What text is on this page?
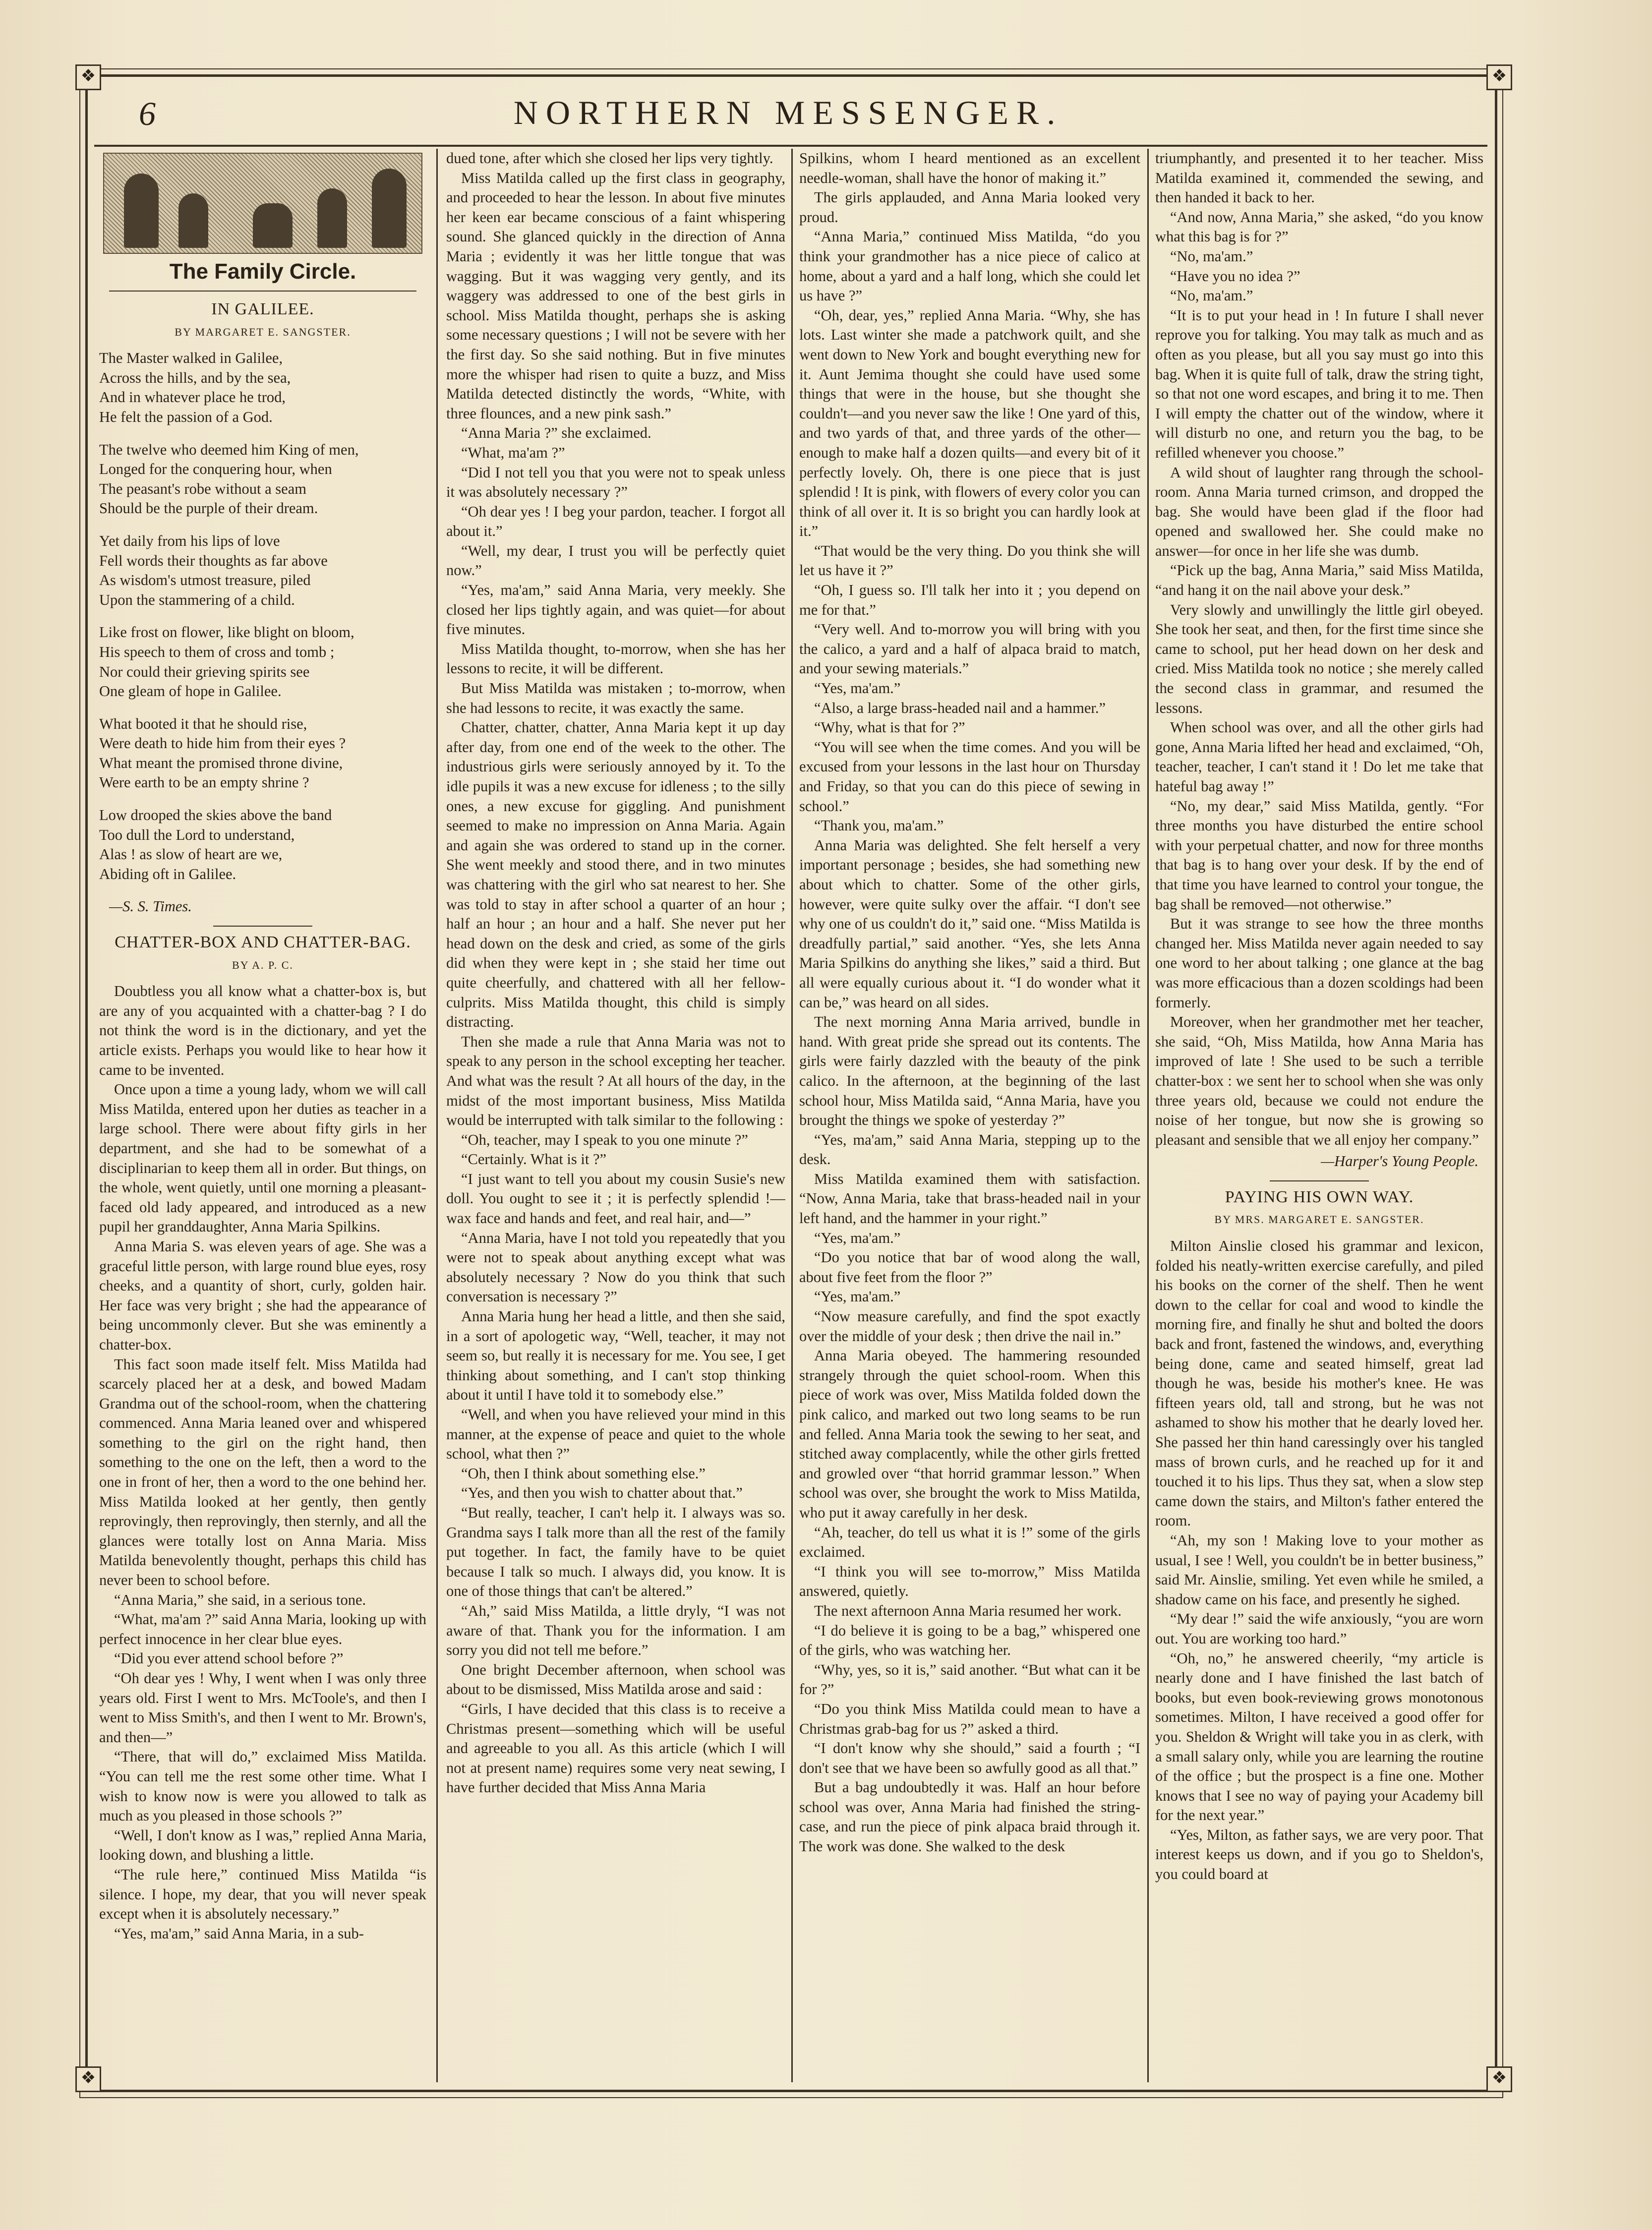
❖	❖
❖	❖
6	NORTHERN MESSENGER.
The Family Circle.
IN GALILEE.
BY MARGARET E. SANGSTER.
The Master walked in Galilee,
Across the hills, and by the sea,
And in whatever place he trod,
He felt the passion of a God.
The twelve who deemed him King of men,
Longed for the conquering hour, when
The peasant's robe without a seam
Should be the purple of their dream.
Yet daily from his lips of love
Fell words their thoughts as far above
As wisdom's utmost treasure, piled
Upon the stammering of a child.
Like frost on flower, like blight on bloom,
His speech to them of cross and tomb ;
Nor could their grieving spirits see
One gleam of hope in Galilee.
What booted it that he should rise,
Were death to hide him from their eyes ?
What meant the promised throne divine,
Were earth to be an empty shrine ?
Low drooped the skies above the band
Too dull the Lord to understand,
Alas ! as slow of heart are we,
Abiding oft in Galilee.
—S. S. Times.
CHATTER-BOX AND CHATTER-BAG.
BY A. P. C.

Doubtless you all know what a chatter-box is, but are any of you acquainted with a chatter-bag ? I do not think the word is in the dictionary, and yet the article exists. Perhaps you would like to hear how it came to be invented.

Once upon a time a young lady, whom we will call Miss Matilda, entered upon her duties as teacher in a large school. There were about fifty girls in her department, and she had to be somewhat of a disciplinarian to keep them all in order. But things, on the whole, went quietly, until one morning a pleasant-faced old lady appeared, and introduced as a new pupil her granddaughter, Anna Maria Spilkins.

Anna Maria S. was eleven years of age. She was a graceful little person, with large round blue eyes, rosy cheeks, and a quantity of short, curly, golden hair. Her face was very bright ; she had the appearance of being uncommonly clever. But she was eminently a chatter-box.

This fact soon made itself felt. Miss Matilda had scarcely placed her at a desk, and bowed Madam Grandma out of the school-room, when the chattering commenced. Anna Maria leaned over and whispered something to the girl on the right hand, then something to the one on the left, then a word to the one in front of her, then a word to the one behind her. Miss Matilda looked at her gently, then gently reprovingly, then reprovingly, then sternly, and all the glances were totally lost on Anna Maria. Miss Matilda benevolently thought, perhaps this child has never been to school before.

“Anna Maria,” she said, in a serious tone.

“What, ma'am ?” said Anna Maria, looking up with perfect innocence in her clear blue eyes.

“Did you ever attend school before ?”

“Oh dear yes ! Why, I went when I was only three years old. First I went to Mrs. McToole's, and then I went to Miss Smith's, and then I went to Mr. Brown's, and then—”

“There, that will do,” exclaimed Miss Matilda. “You can tell me the rest some other time. What I wish to know now is were you allowed to talk as much as you pleased in those schools ?”

“Well, I don't know as I was,” replied Anna Maria, looking down, and blushing a little.

“The rule here,” continued Miss Matilda “is silence. I hope, my dear, that you will never speak except when it is absolutely necessary.”

“Yes, ma'am,” said Anna Maria, in a sub-

dued tone, after which she closed her lips very tightly.

Miss Matilda called up the first class in geography, and proceeded to hear the lesson. In about five minutes her keen ear became conscious of a faint whispering sound. She glanced quickly in the direction of Anna Maria ; evidently it was her little tongue that was wagging. But it was wagging very gently, and its waggery was addressed to one of the best girls in school. Miss Matilda thought, perhaps she is asking some necessary questions ; I will not be severe with her the first day. So she said nothing. But in five minutes more the whisper had risen to quite a buzz, and Miss Matilda detected distinctly the words, “White, with three flounces, and a new pink sash.”

“Anna Maria ?” she exclaimed.

“What, ma'am ?”

“Did I not tell you that you were not to speak unless it was absolutely necessary ?”

“Oh dear yes ! I beg your pardon, teacher. I forgot all about it.”

“Well, my dear, I trust you will be perfectly quiet now.”

“Yes, ma'am,” said Anna Maria, very meekly. She closed her lips tightly again, and was quiet—for about five minutes.

Miss Matilda thought, to-morrow, when she has her lessons to recite, it will be different.

But Miss Matilda was mistaken ; to-morrow, when she had lessons to recite, it was exactly the same.

Chatter, chatter, chatter, Anna Maria kept it up day after day, from one end of the week to the other. The industrious girls were seriously annoyed by it. To the idle pupils it was a new excuse for idleness ; to the silly ones, a new excuse for giggling. And punishment seemed to make no impression on Anna Maria. Again and again she was ordered to stand up in the corner. She went meekly and stood there, and in two minutes was chattering with the girl who sat nearest to her. She was told to stay in after school a quarter of an hour ; half an hour ; an hour and a half. She never put her head down on the desk and cried, as some of the girls did when they were kept in ; she staid her time out quite cheerfully, and chattered with all her fellow-culprits. Miss Matilda thought, this child is simply distracting.

Then she made a rule that Anna Maria was not to speak to any person in the school excepting her teacher. And what was the result ? At all hours of the day, in the midst of the most important business, Miss Matilda would be interrupted with talk similar to the following :

“Oh, teacher, may I speak to you one minute ?”

“Certainly. What is it ?”

“I just want to tell you about my cousin Susie's new doll. You ought to see it ; it is perfectly splendid !—wax face and hands and feet, and real hair, and—”

“Anna Maria, have I not told you repeatedly that you were not to speak about anything except what was absolutely necessary ? Now do you think that such conversation is necessary ?”

Anna Maria hung her head a little, and then she said, in a sort of apologetic way, “Well, teacher, it may not seem so, but really it is necessary for me. You see, I get thinking about something, and I can't stop thinking about it until I have told it to somebody else.”

“Well, and when you have relieved your mind in this manner, at the expense of peace and quiet to the whole school, what then ?”

“Oh, then I think about something else.”

“Yes, and then you wish to chatter about that.”

“But really, teacher, I can't help it. I always was so. Grandma says I talk more than all the rest of the family put together. In fact, the family have to be quiet because I talk so much. I always did, you know. It is one of those things that can't be altered.”

“Ah,” said Miss Matilda, a little dryly, “I was not aware of that. Thank you for the information. I am sorry you did not tell me before.”

One bright December afternoon, when school was about to be dismissed, Miss Matilda arose and said :

“Girls, I have decided that this class is to receive a Christmas present—something which will be useful and agreeable to you all. As this article (which I will not at present name) requires some very neat sewing, I have further decided that Miss Anna Maria

Spilkins, whom I heard mentioned as an excellent needle-woman, shall have the honor of making it.”

The girls applauded, and Anna Maria looked very proud.

“Anna Maria,” continued Miss Matilda, “do you think your grandmother has a nice piece of calico at home, about a yard and a half long, which she could let us have ?”

“Oh, dear, yes,” replied Anna Maria. “Why, she has lots. Last winter she made a patchwork quilt, and she went down to New York and bought everything new for it. Aunt Jemima thought she could have used some things that were in the house, but she thought she couldn't—and you never saw the like ! One yard of this, and two yards of that, and three yards of the other—enough to make half a dozen quilts—and every bit of it perfectly lovely. Oh, there is one piece that is just splendid ! It is pink, with flowers of every color you can think of all over it. It is so bright you can hardly look at it.”

“That would be the very thing. Do you think she will let us have it ?”

“Oh, I guess so. I'll talk her into it ; you depend on me for that.”

“Very well. And to-morrow you will bring with you the calico, a yard and a half of alpaca braid to match, and your sewing materials.”

“Yes, ma'am.”

“Also, a large brass-headed nail and a hammer.”

“Why, what is that for ?”

“You will see when the time comes. And you will be excused from your lessons in the last hour on Thursday and Friday, so that you can do this piece of sewing in school.”

“Thank you, ma'am.”

Anna Maria was delighted. She felt herself a very important personage ; besides, she had something new about which to chatter. Some of the other girls, however, were quite sulky over the affair. “I don't see why one of us couldn't do it,” said one. “Miss Matilda is dreadfully partial,” said another. “Yes, she lets Anna Maria Spilkins do anything she likes,” said a third. But all were equally curious about it. “I do wonder what it can be,” was heard on all sides.

The next morning Anna Maria arrived, bundle in hand. With great pride she spread out its contents. The girls were fairly dazzled with the beauty of the pink calico. In the afternoon, at the beginning of the last school hour, Miss Matilda said, “Anna Maria, have you brought the things we spoke of yesterday ?”

“Yes, ma'am,” said Anna Maria, stepping up to the desk.

Miss Matilda examined them with satisfaction. “Now, Anna Maria, take that brass-headed nail in your left hand, and the hammer in your right.”

“Yes, ma'am.”

“Do you notice that bar of wood along the wall, about five feet from the floor ?”

“Yes, ma'am.”

“Now measure carefully, and find the spot exactly over the middle of your desk ; then drive the nail in.”

Anna Maria obeyed. The hammering resounded strangely through the quiet school-room. When this piece of work was over, Miss Matilda folded down the pink calico, and marked out two long seams to be run and felled. Anna Maria took the sewing to her seat, and stitched away complacently, while the other girls fretted and growled over “that horrid grammar lesson.” When school was over, she brought the work to Miss Matilda, who put it away carefully in her desk.

“Ah, teacher, do tell us what it is !” some of the girls exclaimed.

“I think you will see to-morrow,” Miss Matilda answered, quietly.

The next afternoon Anna Maria resumed her work.

“I do believe it is going to be a bag,” whispered one of the girls, who was watching her.

“Why, yes, so it is,” said another. “But what can it be for ?”

“Do you think Miss Matilda could mean to have a Christmas grab-bag for us ?” asked a third.

“I don't know why she should,” said a fourth ; “I don't see that we have been so awfully good as all that.”

But a bag undoubtedly it was. Half an hour before school was over, Anna Maria had finished the string-case, and run the piece of pink alpaca braid through it. The work was done. She walked to the desk

triumphantly, and presented it to her teacher. Miss Matilda examined it, commended the sewing, and then handed it back to her.

“And now, Anna Maria,” she asked, “do you know what this bag is for ?”

“No, ma'am.”

“Have you no idea ?”

“No, ma'am.”

“It is to put your head in ! In future I shall never reprove you for talking. You may talk as much and as often as you please, but all you say must go into this bag. When it is quite full of talk, draw the string tight, so that not one word escapes, and bring it to me. Then I will empty the chatter out of the window, where it will disturb no one, and return you the bag, to be refilled whenever you choose.”

A wild shout of laughter rang through the school-room. Anna Maria turned crimson, and dropped the bag. She would have been glad if the floor had opened and swallowed her. She could make no answer—for once in her life she was dumb.

“Pick up the bag, Anna Maria,” said Miss Matilda, “and hang it on the nail above your desk.”

Very slowly and unwillingly the little girl obeyed. She took her seat, and then, for the first time since she came to school, put her head down on her desk and cried. Miss Matilda took no notice ; she merely called the second class in grammar, and resumed the lessons.

When school was over, and all the other girls had gone, Anna Maria lifted her head and exclaimed, “Oh, teacher, teacher, I can't stand it ! Do let me take that hateful bag away !”

“No, my dear,” said Miss Matilda, gently. “For three months you have disturbed the entire school with your perpetual chatter, and now for three months that bag is to hang over your desk. If by the end of that time you have learned to control your tongue, the bag shall be removed—not otherwise.”

But it was strange to see how the three months changed her. Miss Matilda never again needed to say one word to her about talking ; one glance at the bag was more efficacious than a dozen scoldings had been formerly.

Moreover, when her grandmother met her teacher, she said, “Oh, Miss Matilda, how Anna Maria has improved of late ! She used to be such a terrible chatter-box : we sent her to school when she was only three years old, because we could not endure the noise of her tongue, but now she is growing so pleasant and sensible that we all enjoy her company.”

—Harper's Young People.
PAYING HIS OWN WAY.
BY MRS. MARGARET E. SANGSTER.

Milton Ainslie closed his grammar and lexicon, folded his neatly-written exercise carefully, and piled his books on the corner of the shelf. Then he went down to the cellar for coal and wood to kindle the morning fire, and finally he shut and bolted the doors back and front, fastened the windows, and, everything being done, came and seated himself, great lad though he was, beside his mother's knee. He was fifteen years old, tall and strong, but he was not ashamed to show his mother that he dearly loved her. She passed her thin hand caressingly over his tangled mass of brown curls, and he reached up for it and touched it to his lips. Thus they sat, when a slow step came down the stairs, and Milton's father entered the room.

“Ah, my son ! Making love to your mother as usual, I see ! Well, you couldn't be in better business,” said Mr. Ainslie, smiling. Yet even while he smiled, a shadow came on his face, and presently he sighed.

“My dear !” said the wife anxiously, “you are worn out. You are working too hard.”

“Oh, no,” he answered cheerily, “my article is nearly done and I have finished the last batch of books, but even book-reviewing grows monotonous sometimes. Milton, I have received a good offer for you. Sheldon & Wright will take you in as clerk, with a small salary only, while you are learning the routine of the office ; but the prospect is a fine one. Mother knows that I see no way of paying your Academy bill for the next year.”

“Yes, Milton, as father says, we are very poor. That interest keeps us down, and if you go to Sheldon's, you could board at
